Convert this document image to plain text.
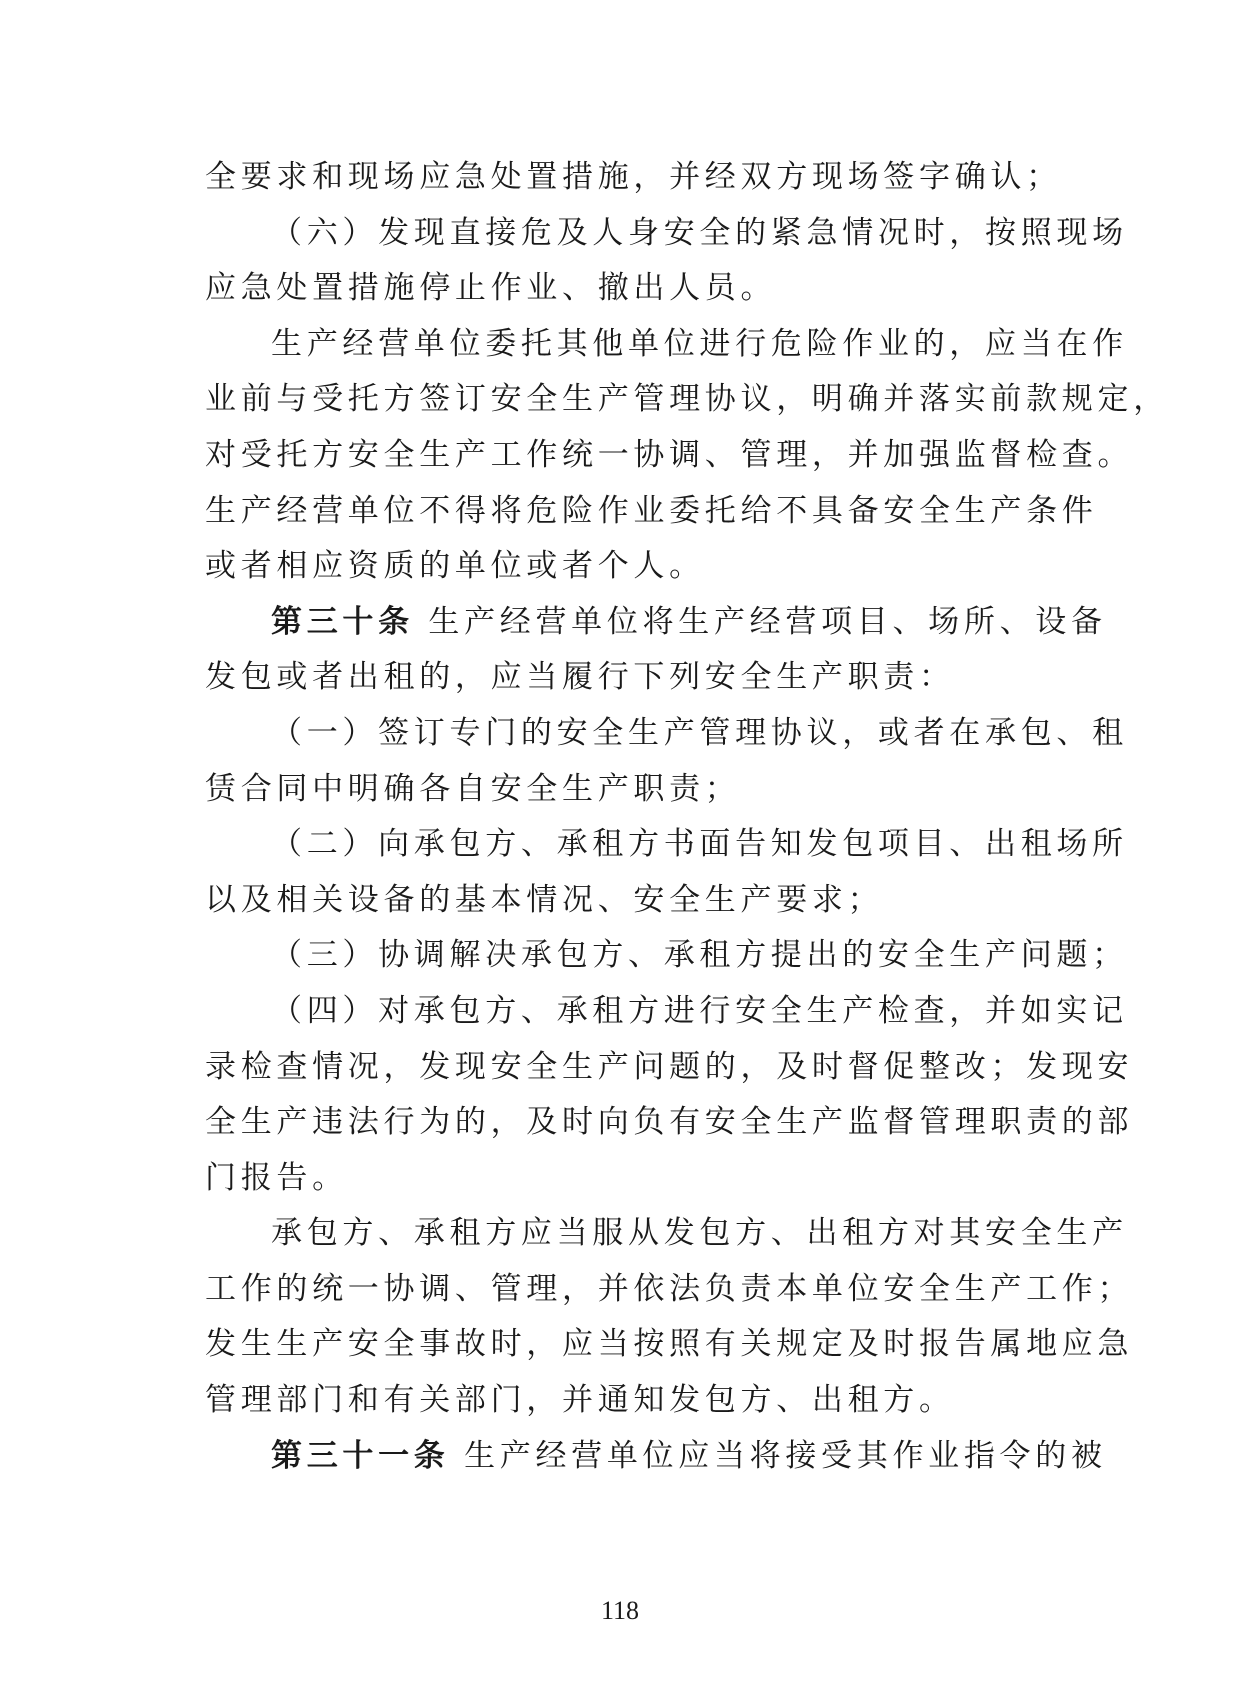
全要求和现场应急处置措施，并经双方现场签字确认；
（六）发现直接危及人身安全的紧急情况时，按照现场
应急处置措施停止作业、撤出人员。
生产经营单位委托其他单位进行危险作业的，应当在作
业前与受托方签订安全生产管理协议，明确并落实前款规定，
对受托方安全生产工作统一协调、管理，并加强监督检查。
生产经营单位不得将危险作业委托给不具备安全生产条件
或者相应资质的单位或者个人。
第三十条 生产经营单位将生产经营项目、场所、设备
发包或者出租的，应当履行下列安全生产职责：
（一）签订专门的安全生产管理协议，或者在承包、租
赁合同中明确各自安全生产职责；
（二）向承包方、承租方书面告知发包项目、出租场所
以及相关设备的基本情况、安全生产要求；
（三）协调解决承包方、承租方提出的安全生产问题；
（四）对承包方、承租方进行安全生产检查，并如实记
录检查情况，发现安全生产问题的，及时督促整改；发现安
全生产违法行为的，及时向负有安全生产监督管理职责的部
门报告。
承包方、承租方应当服从发包方、出租方对其安全生产
工作的统一协调、管理，并依法负责本单位安全生产工作；
发生生产安全事故时，应当按照有关规定及时报告属地应急
管理部门和有关部门，并通知发包方、出租方。
第三十一条 生产经营单位应当将接受其作业指令的被
118
